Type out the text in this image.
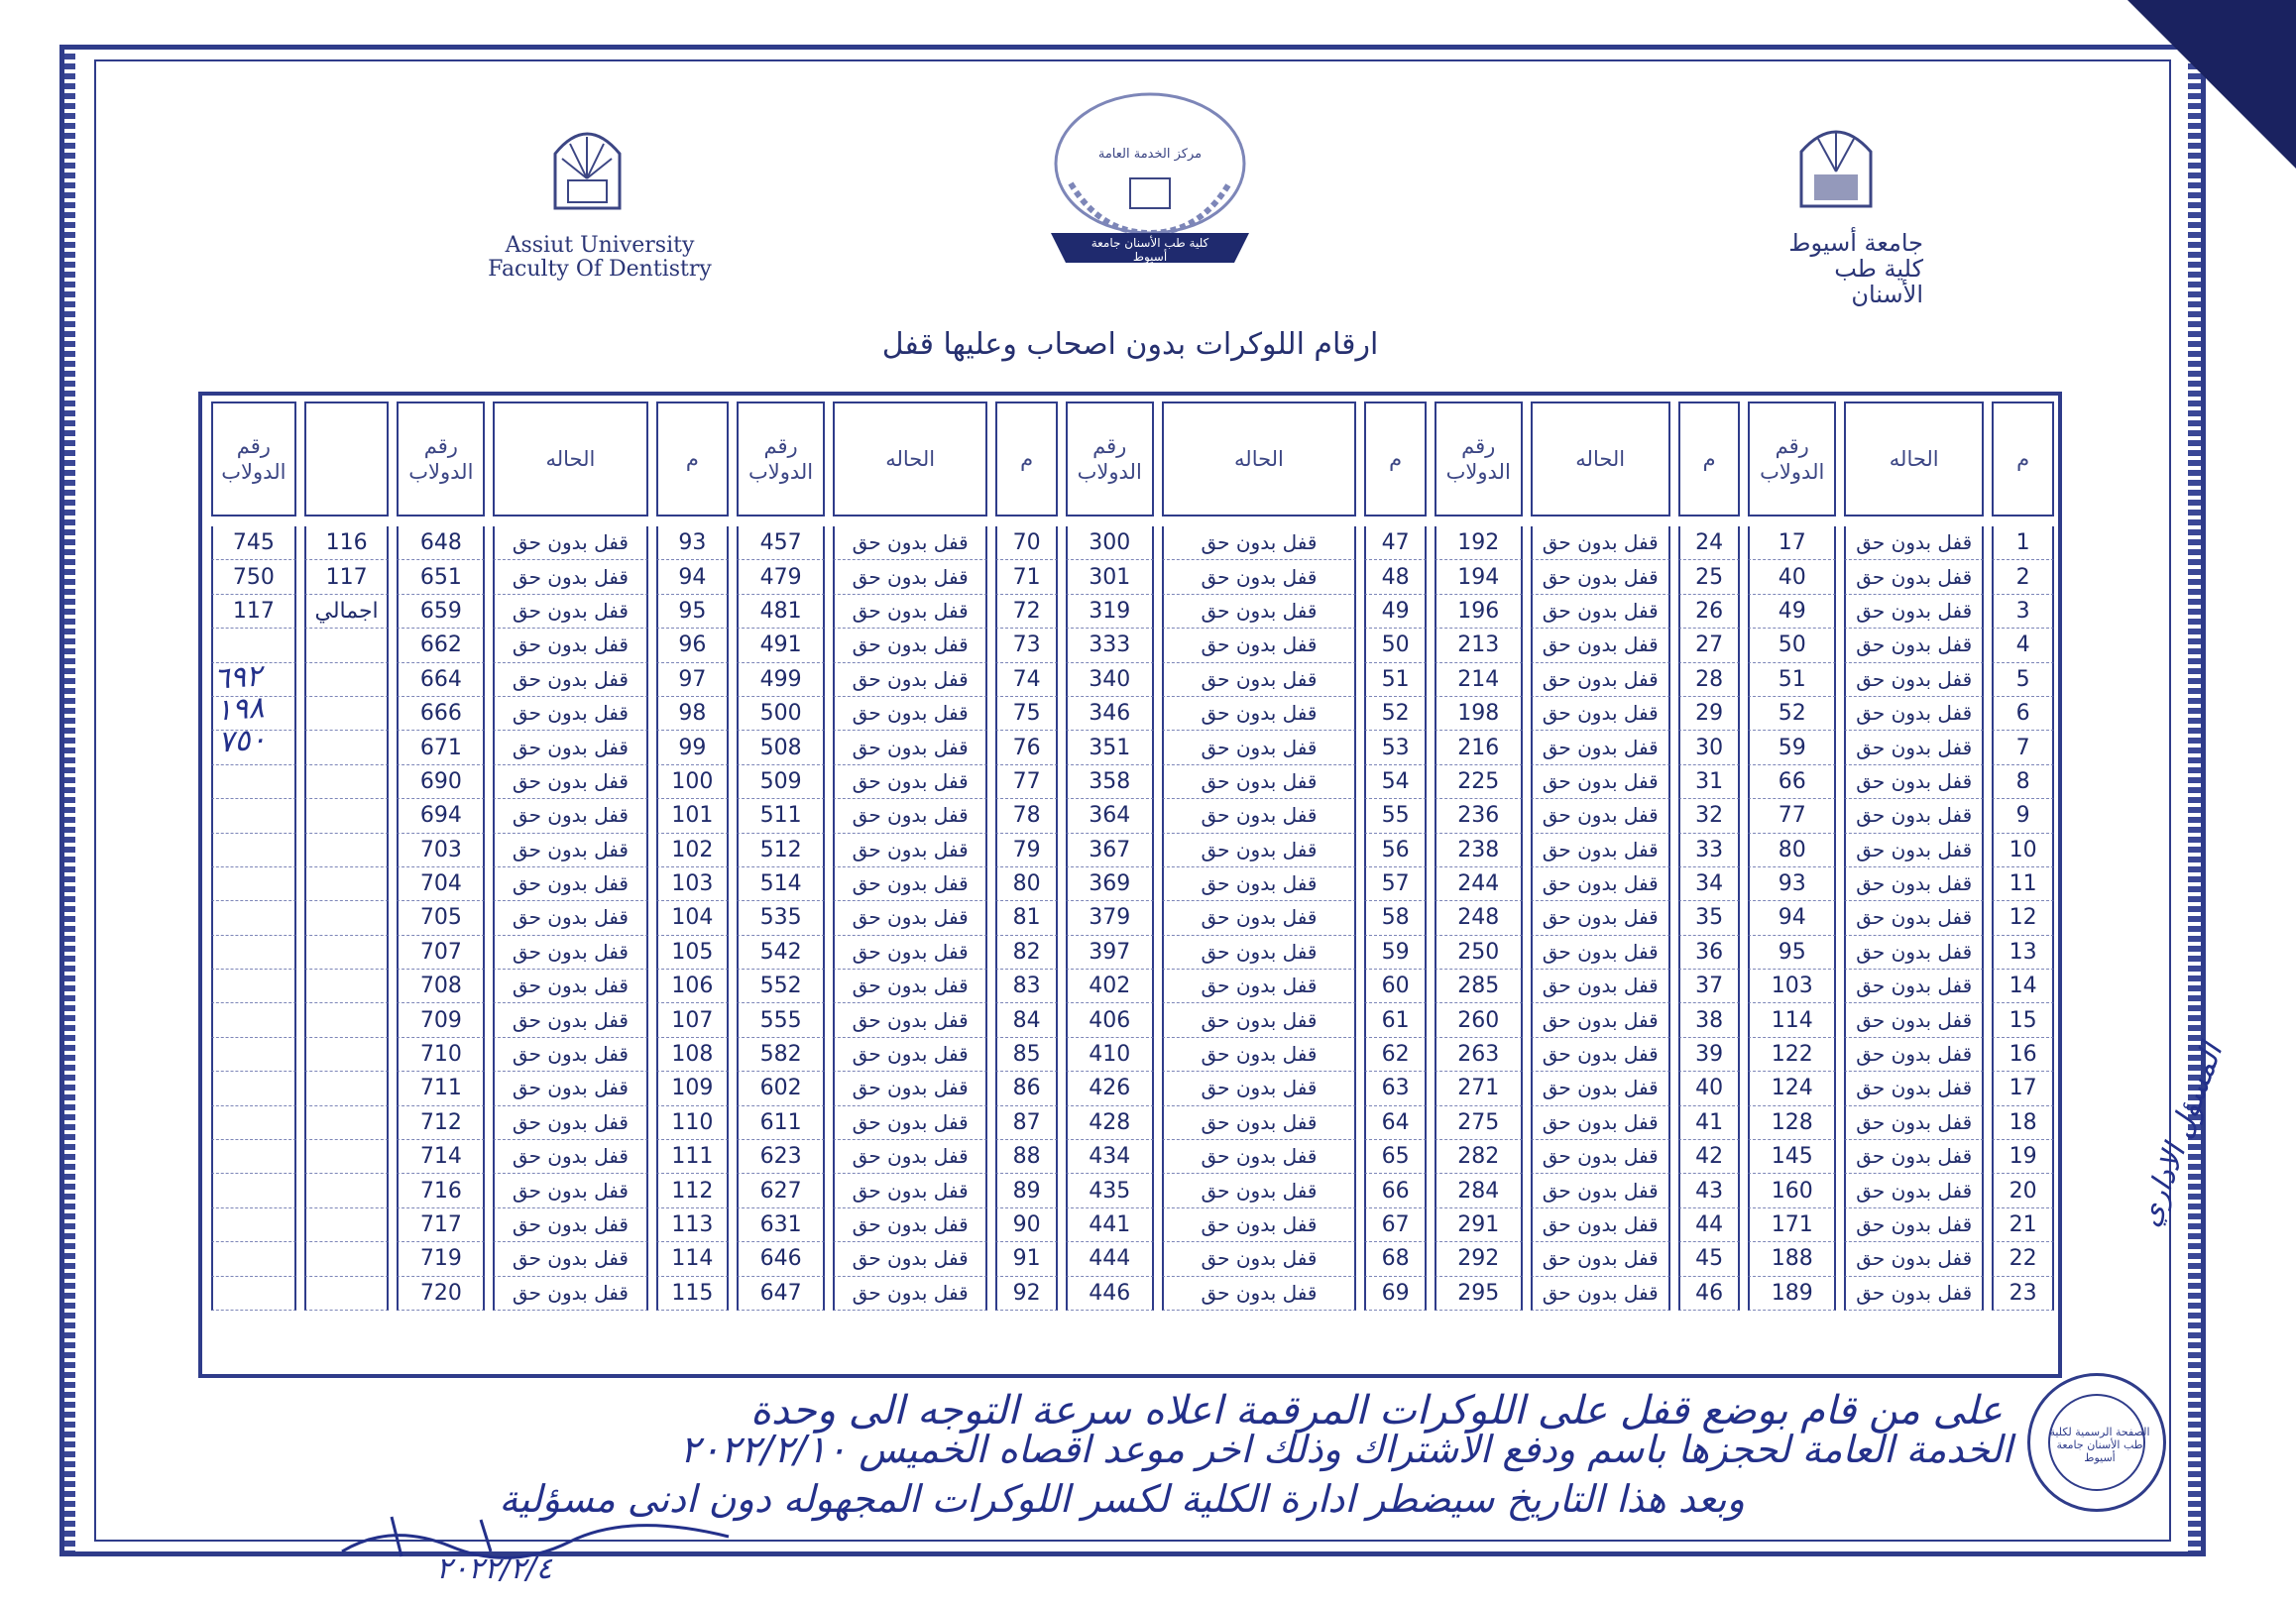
مركز الخدمة العامة
كلية طب الأسنان جامعة أسيوط
Assiut University
Faculty Of Dentistry
جامعة أسيوط
كلية طب الأسنان
ارقام اللوكرات بدون اصحاب وعليها قفل
رقم الدولاب		رقم الدولاب	الحاله	م	رقم الدولاب	الحاله	م	رقم الدولاب	الحاله	م	رقم الدولاب	الحاله	م	رقم الدولاب	الحاله	م

745	116	648	قفل بدون حق	93	457	قفل بدون حق	70	300	قفل بدون حق	47	192	قفل بدون حق	24	17	قفل بدون حق	1
750	117	651	قفل بدون حق	94	479	قفل بدون حق	71	301	قفل بدون حق	48	194	قفل بدون حق	25	40	قفل بدون حق	2
117	اجمالي	659	قفل بدون حق	95	481	قفل بدون حق	72	319	قفل بدون حق	49	196	قفل بدون حق	26	49	قفل بدون حق	3
		662	قفل بدون حق	96	491	قفل بدون حق	73	333	قفل بدون حق	50	213	قفل بدون حق	27	50	قفل بدون حق	4
		664	قفل بدون حق	97	499	قفل بدون حق	74	340	قفل بدون حق	51	214	قفل بدون حق	28	51	قفل بدون حق	5
		666	قفل بدون حق	98	500	قفل بدون حق	75	346	قفل بدون حق	52	198	قفل بدون حق	29	52	قفل بدون حق	6
		671	قفل بدون حق	99	508	قفل بدون حق	76	351	قفل بدون حق	53	216	قفل بدون حق	30	59	قفل بدون حق	7
		690	قفل بدون حق	100	509	قفل بدون حق	77	358	قفل بدون حق	54	225	قفل بدون حق	31	66	قفل بدون حق	8
		694	قفل بدون حق	101	511	قفل بدون حق	78	364	قفل بدون حق	55	236	قفل بدون حق	32	77	قفل بدون حق	9
		703	قفل بدون حق	102	512	قفل بدون حق	79	367	قفل بدون حق	56	238	قفل بدون حق	33	80	قفل بدون حق	10
		704	قفل بدون حق	103	514	قفل بدون حق	80	369	قفل بدون حق	57	244	قفل بدون حق	34	93	قفل بدون حق	11
		705	قفل بدون حق	104	535	قفل بدون حق	81	379	قفل بدون حق	58	248	قفل بدون حق	35	94	قفل بدون حق	12
		707	قفل بدون حق	105	542	قفل بدون حق	82	397	قفل بدون حق	59	250	قفل بدون حق	36	95	قفل بدون حق	13
		708	قفل بدون حق	106	552	قفل بدون حق	83	402	قفل بدون حق	60	285	قفل بدون حق	37	103	قفل بدون حق	14
		709	قفل بدون حق	107	555	قفل بدون حق	84	406	قفل بدون حق	61	260	قفل بدون حق	38	114	قفل بدون حق	15
		710	قفل بدون حق	108	582	قفل بدون حق	85	410	قفل بدون حق	62	263	قفل بدون حق	39	122	قفل بدون حق	16
		711	قفل بدون حق	109	602	قفل بدون حق	86	426	قفل بدون حق	63	271	قفل بدون حق	40	124	قفل بدون حق	17
		712	قفل بدون حق	110	611	قفل بدون حق	87	428	قفل بدون حق	64	275	قفل بدون حق	41	128	قفل بدون حق	18
		714	قفل بدون حق	111	623	قفل بدون حق	88	434	قفل بدون حق	65	282	قفل بدون حق	42	145	قفل بدون حق	19
		716	قفل بدون حق	112	627	قفل بدون حق	89	435	قفل بدون حق	66	284	قفل بدون حق	43	160	قفل بدون حق	20
		717	قفل بدون حق	113	631	قفل بدون حق	90	441	قفل بدون حق	67	291	قفل بدون حق	44	171	قفل بدون حق	21
		719	قفل بدون حق	114	646	قفل بدون حق	91	444	قفل بدون حق	68	292	قفل بدون حق	45	188	قفل بدون حق	22
		720	قفل بدون حق	115	647	قفل بدون حق	92	446	قفل بدون حق	69	295	قفل بدون حق	46	189	قفل بدون حق	23
٦٩٢
١٩٨
٧٥٠
على من قام بوضع قفل على اللوكرات المرقمة اعلاه سرعة التوجه الى وحدة
الخدمة العامة لحجزها باسم ودفع الاشتراك وذلك اخر موعد اقصاه الخميس ٢٠٢٢/٢/١٠
وبعد هذا التاريخ سيضطر ادارة الكلية لكسر اللوكرات المجهوله دون ادنى مسؤلية
٢٠٢٢/٢/٤
المسؤل الاداري
الصفحة الرسمية لكلية طب الأسنان جامعة أسيوط
